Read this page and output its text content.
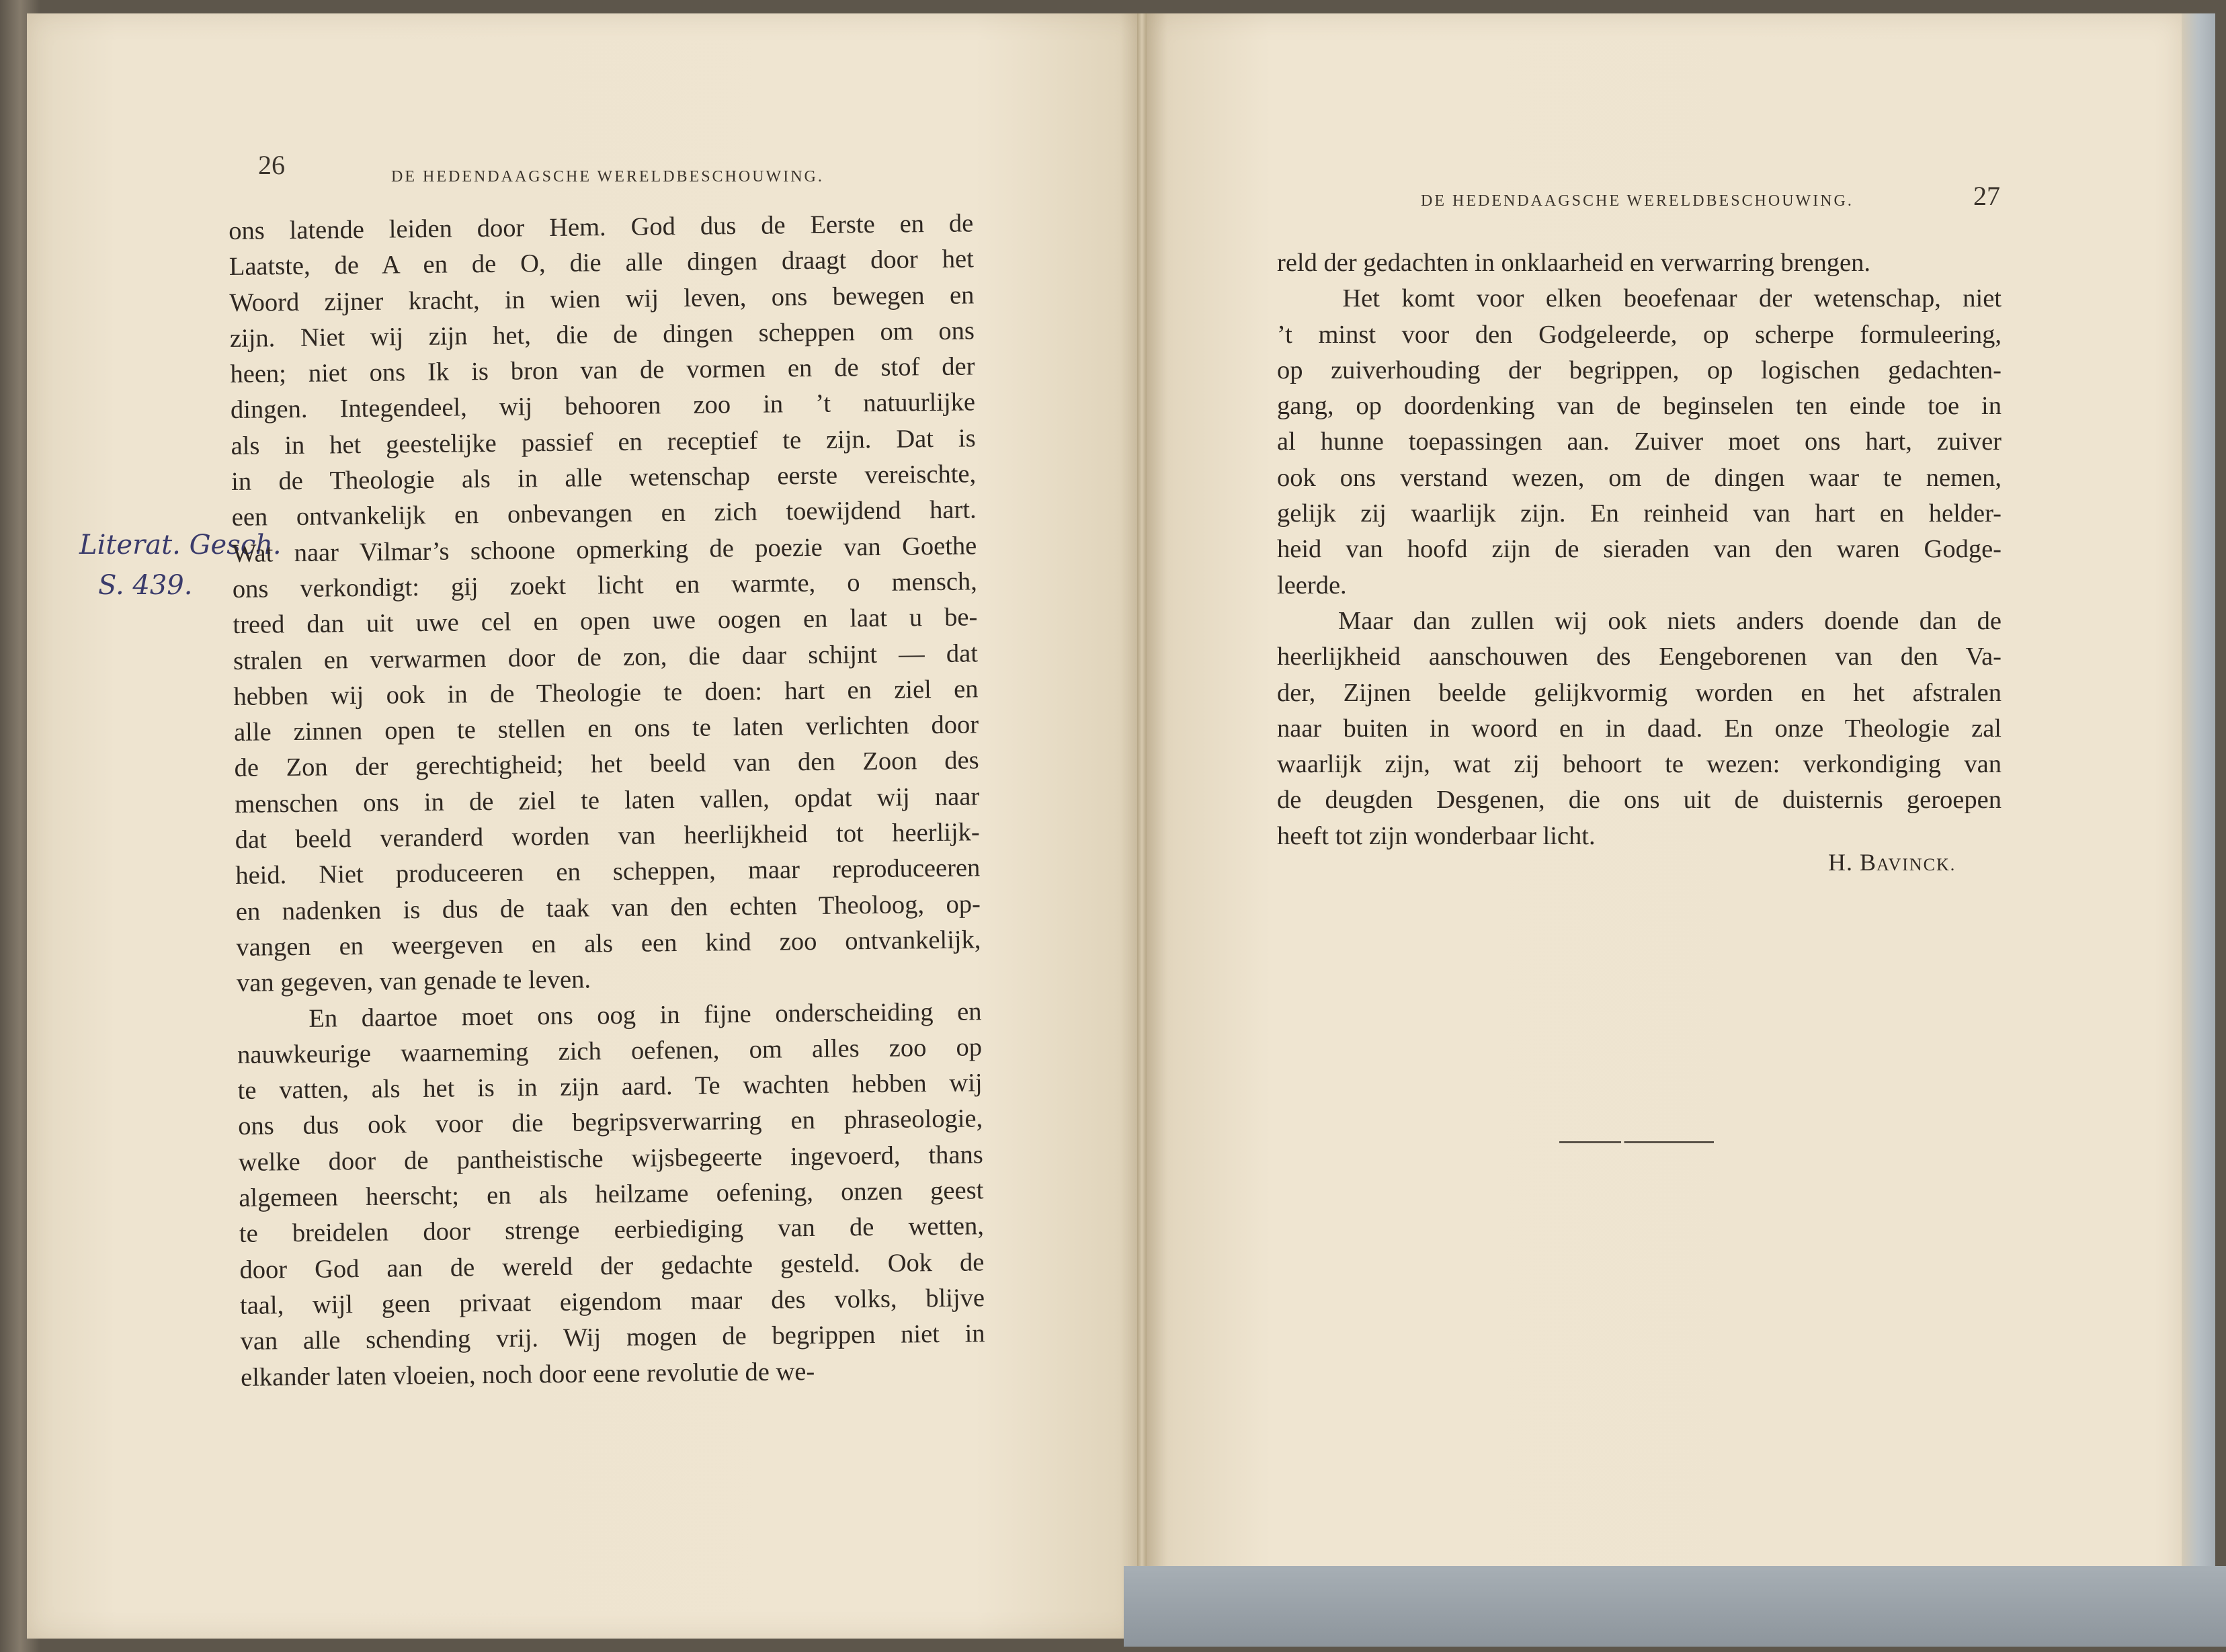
26	DE HEDENDAAGSCHE WERELDBESCHOUWING.
Literat. Gesch.
S. 439.
ons latende leiden door Hem. God dus de Eerste en de
Laatste, de A en de O, die alle dingen draagt door het
Woord zijner kracht, in wien wij leven, ons bewegen en
zijn. Niet wij zijn het, die de dingen scheppen om ons
heen; niet ons Ik is bron van de vormen en de stof der
dingen. Integendeel, wij behooren zoo in ’t natuurlijke
als in het geestelijke passief en receptief te zijn. Dat is
in de Theologie als in alle wetenschap eerste vereischte,
een ontvankelijk en onbevangen en zich toewijdend hart.
Wat naar Vilmar’s schoone opmerking de poezie van Goethe
ons verkondigt: gij zoekt licht en warmte, o mensch,
treed dan uit uwe cel en open uwe oogen en laat u be-
stralen en verwarmen door de zon, die daar schijnt — dat
hebben wij ook in de Theologie te doen: hart en ziel en
alle zinnen open te stellen en ons te laten verlichten door
de Zon der gerechtigheid; het beeld van den Zoon des
menschen ons in de ziel te laten vallen, opdat wij naar
dat beeld veranderd worden van heerlijkheid tot heerlijk-
heid. Niet produceeren en scheppen, maar reproduceeren
en nadenken is dus de taak van den echten Theoloog, op-
vangen en weergeven en als een kind zoo ontvankelijk,
van gegeven, van genade te leven.
En daartoe moet ons oog in fijne onderscheiding en
nauwkeurige waarneming zich oefenen, om alles zoo op
te vatten, als het is in zijn aard. Te wachten hebben wij
ons dus ook voor die begripsverwarring en phraseologie,
welke door de pantheistische wijsbegeerte ingevoerd, thans
algemeen heerscht; en als heilzame oefening, onzen geest
te breidelen door strenge eerbiediging van de wetten,
door God aan de wereld der gedachte gesteld. Ook de
taal, wijl geen privaat eigendom maar des volks, blijve
van alle schending vrij. Wij mogen de begrippen niet in
elkander laten vloeien, noch door eene revolutie de we-
DE HEDENDAAGSCHE WERELDBESCHOUWING.	27
reld der gedachten in onklaarheid en verwarring brengen.
Het komt voor elken beoefenaar der wetenschap, niet
’t minst voor den Godgeleerde, op scherpe formuleering,
op zuiverhouding der begrippen, op logischen gedachten-
gang, op doordenking van de beginselen ten einde toe in
al hunne toepassingen aan. Zuiver moet ons hart, zuiver
ook ons verstand wezen, om de dingen waar te nemen,
gelijk zij waarlijk zijn. En reinheid van hart en helder-
heid van hoofd zijn de sieraden van den waren Godge-
leerde.
Maar dan zullen wij ook niets anders doende dan de
heerlijkheid aanschouwen des Eengeborenen van den Va-
der, Zijnen beelde gelijkvormig worden en het afstralen
naar buiten in woord en in daad. En onze Theologie zal
waarlijk zijn, wat zij behoort te wezen: verkondiging van
de deugden Desgenen, die ons uit de duisternis geroepen
heeft tot zijn wonderbaar licht.
H. BAVINCK.
